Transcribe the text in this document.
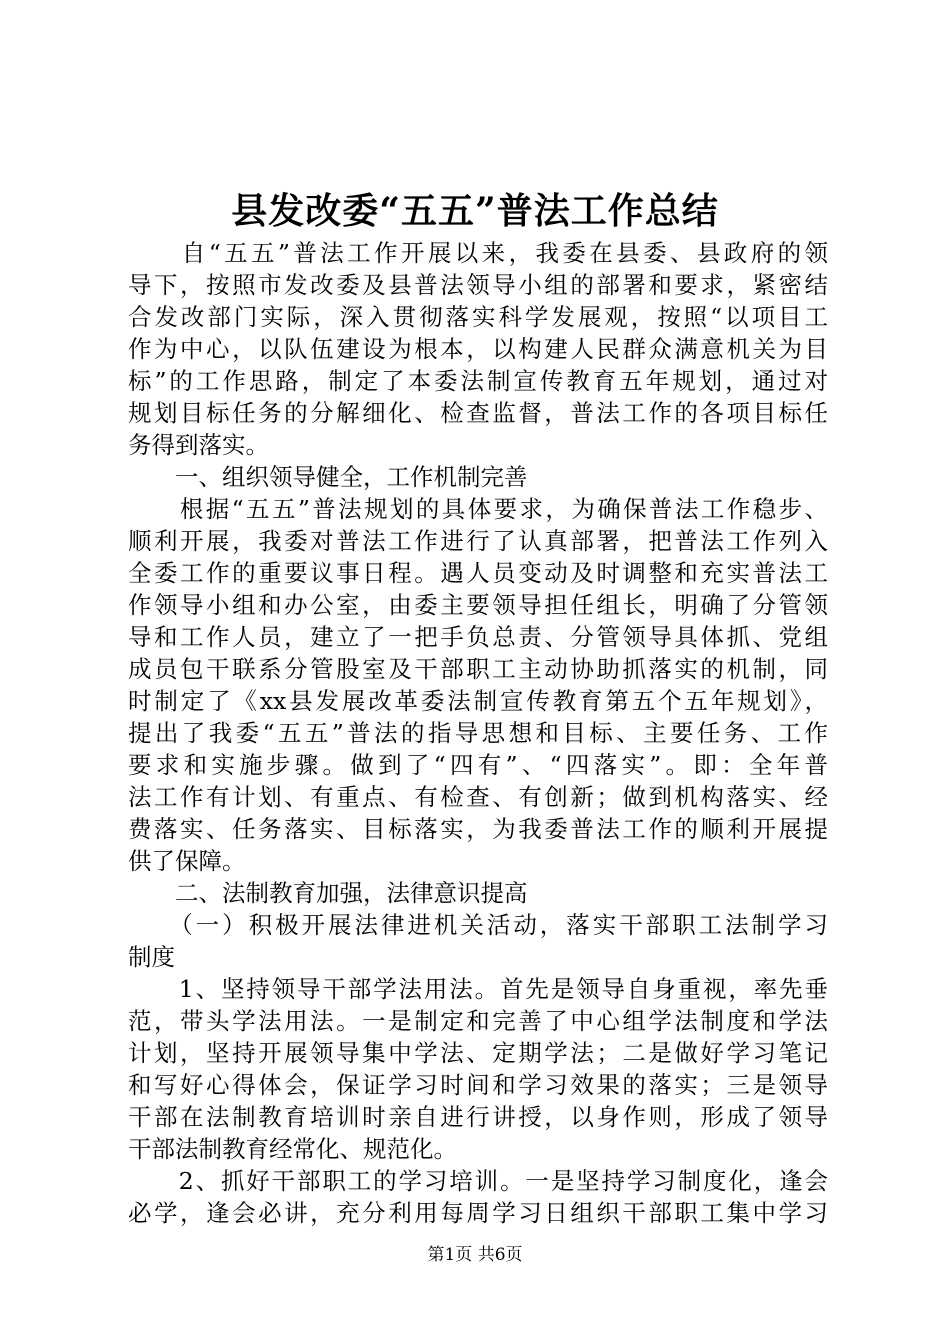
县发改委“五五”普法工作总结
　　自“五五”普法工作开展以来，我委在县委、县政府的领
导下，按照市发改委及县普法领导小组的部署和要求，紧密结
合发改部门实际，深入贯彻落实科学发展观，按照“以项目工
作为中心，以队伍建设为根本，以构建人民群众满意机关为目
标”的工作思路，制定了本委法制宣传教育五年规划，通过对
规划目标任务的分解细化、检查监督，普法工作的各项目标任
务得到落实。
　　一、组织领导健全，工作机制完善
　　根据“五五”普法规划的具体要求，为确保普法工作稳步、
顺利开展，我委对普法工作进行了认真部署，把普法工作列入
全委工作的重要议事日程。遇人员变动及时调整和充实普法工
作领导小组和办公室，由委主要领导担任组长，明确了分管领
导和工作人员，建立了一把手负总责、分管领导具体抓、党组
成员包干联系分管股室及干部职工主动协助抓落实的机制，同
时制定了《xx县发展改革委法制宣传教育第五个五年规划》，
提出了我委“五五”普法的指导思想和目标、主要任务、工作
要求和实施步骤。做到了“四有”、“四落实”。即：全年普
法工作有计划、有重点、有检查、有创新；做到机构落实、经
费落实、任务落实、目标落实，为我委普法工作的顺利开展提
供了保障。
　　二、法制教育加强，法律意识提高
　　（一）积极开展法律进机关活动，落实干部职工法制学习
制度
　　1、坚持领导干部学法用法。首先是领导自身重视，率先垂
范，带头学法用法。一是制定和完善了中心组学法制度和学法
计划，坚持开展领导集中学法、定期学法；二是做好学习笔记
和写好心得体会，保证学习时间和学习效果的落实；三是领导
干部在法制教育培训时亲自进行讲授，以身作则，形成了领导
干部法制教育经常化、规范化。
　　2、抓好干部职工的学习培训。一是坚持学习制度化，逢会
必学，逢会必讲，充分利用每周学习日组织干部职工集中学习
第1页 共6页
